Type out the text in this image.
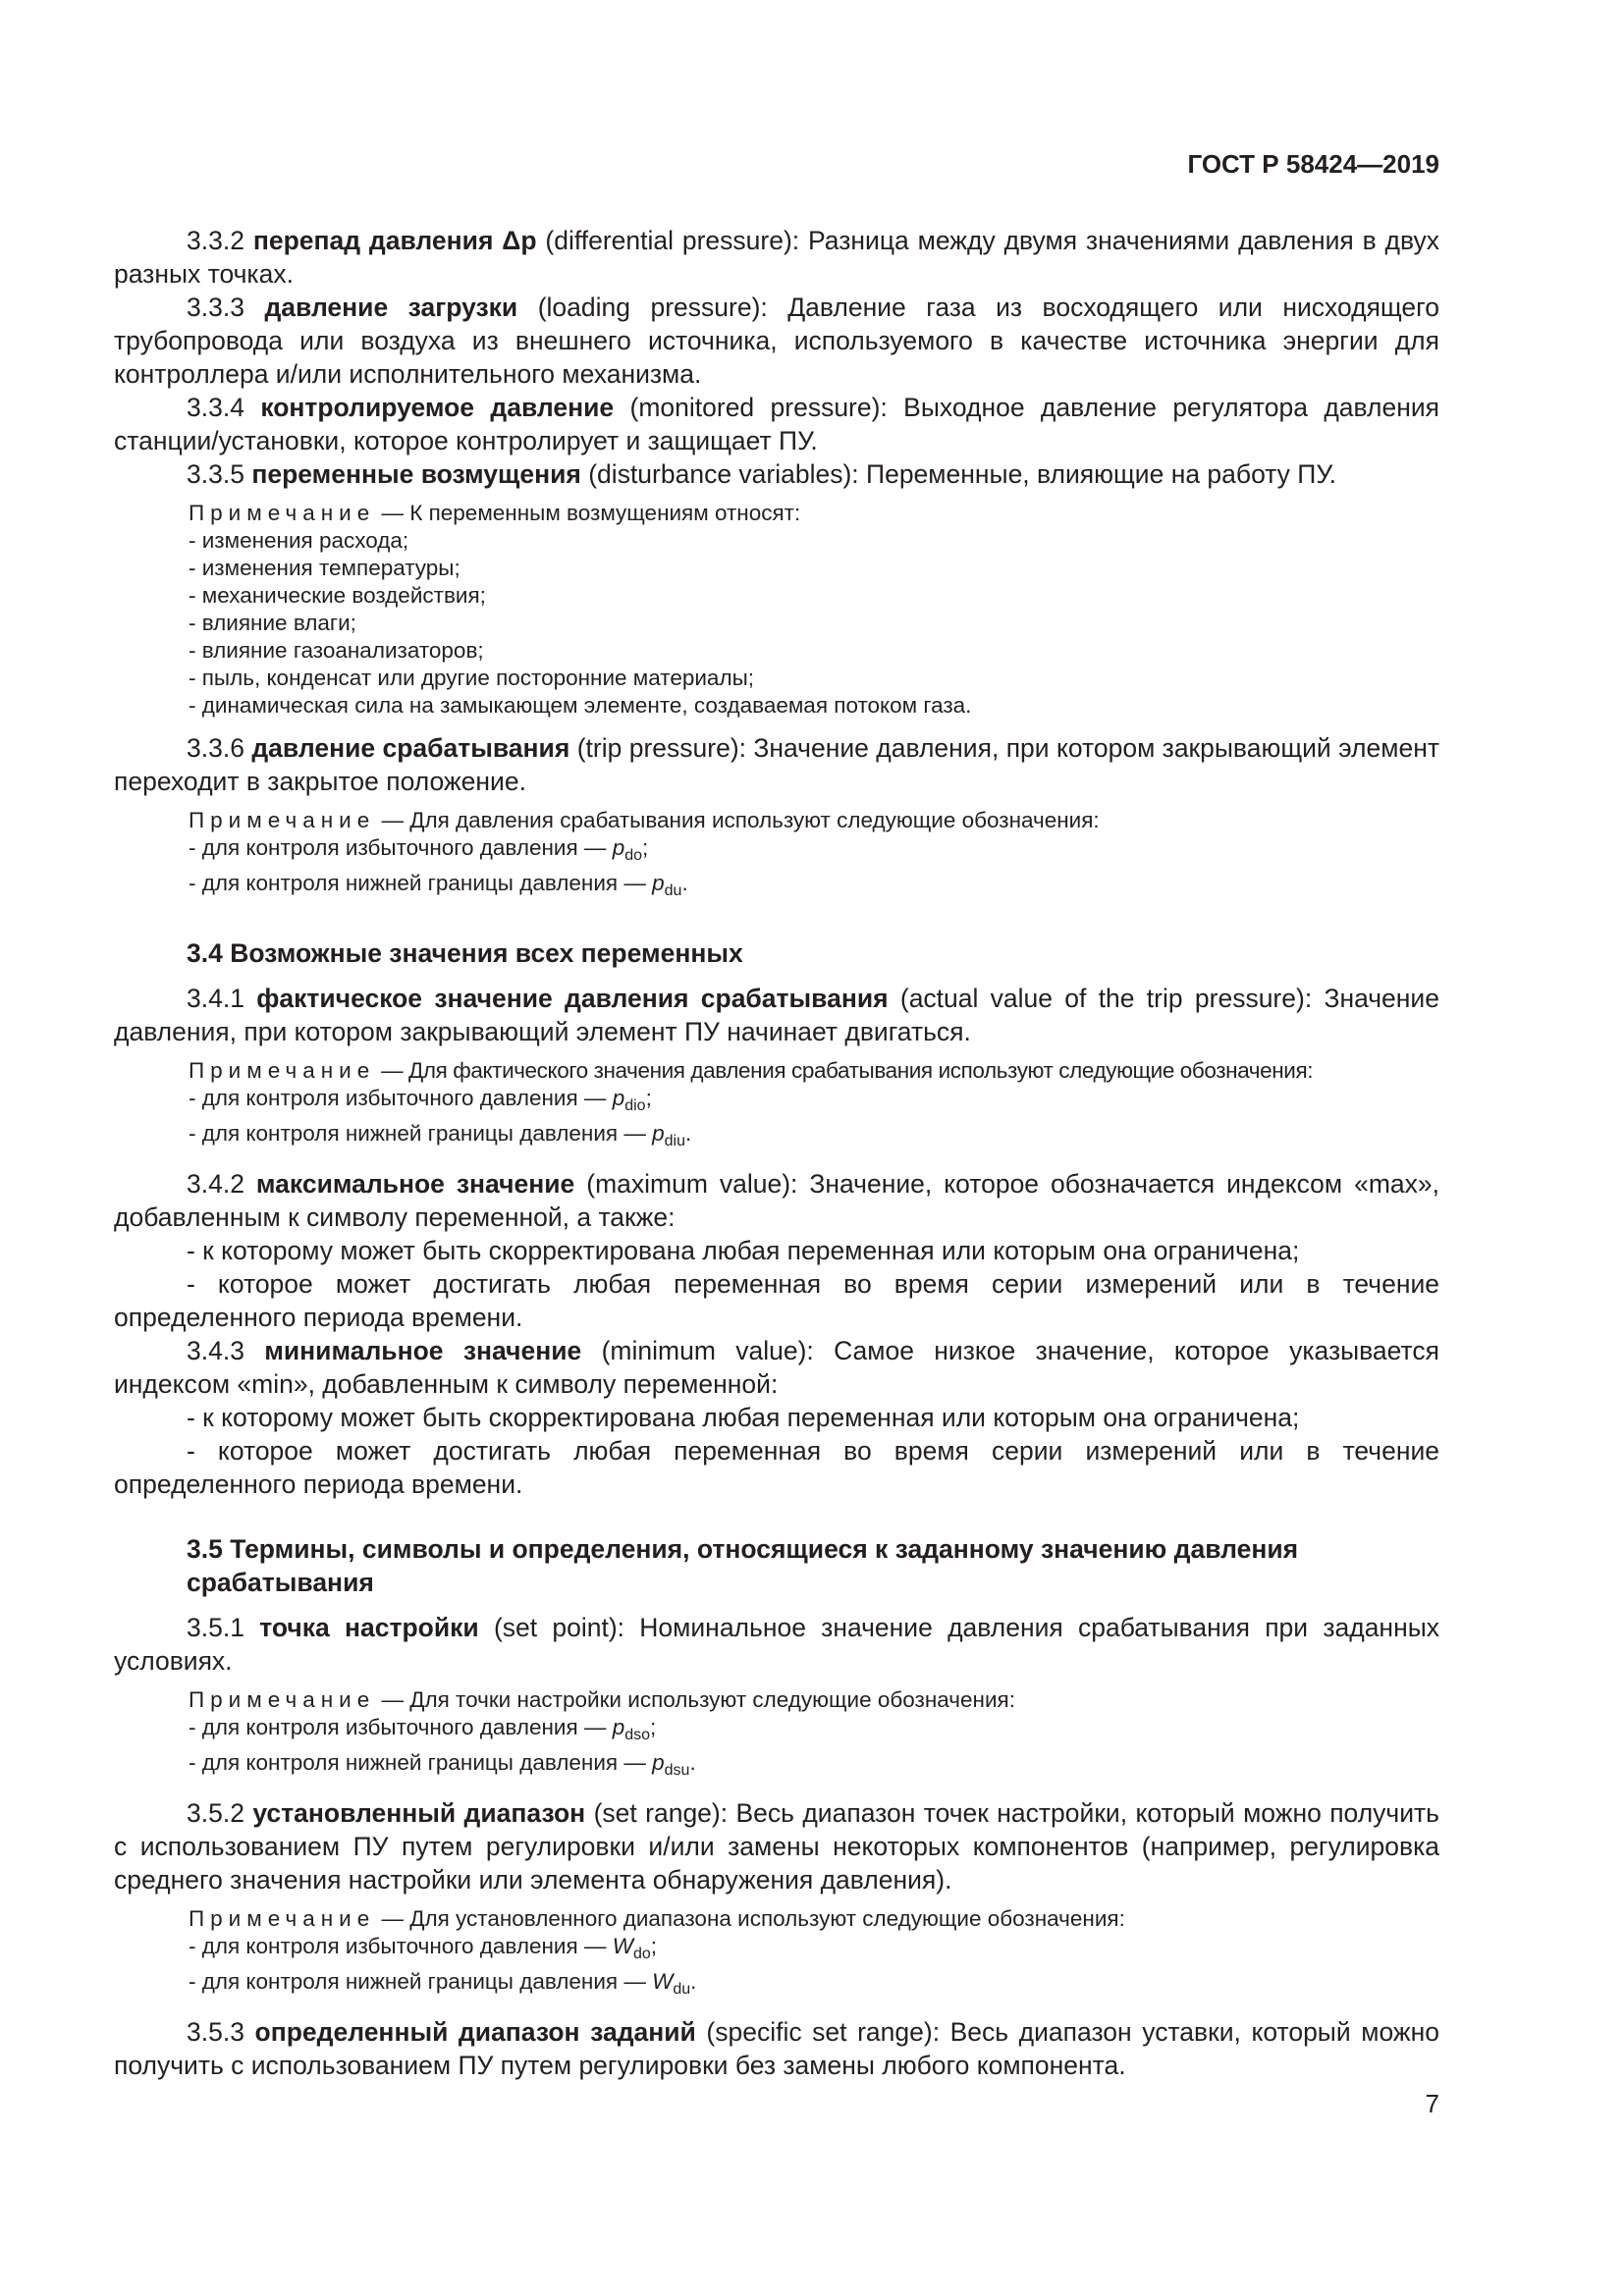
ГОСТ Р 58424—2019

3.3.2 перепад давления Δр (differential pressure): Разница между двумя значениями давления в двух разных точках.

3.3.3 давление загрузки (loading pressure): Давление газа из восходящего или нисходящего трубопровода или воздуха из внешнего источника, используемого в качестве источника энергии для контроллера и/или исполнительного механизма.

3.3.4 контролируемое давление (monitored pressure): Выходное давление регулятора давления станции/установки, которое контролирует и защищает ПУ.

3.3.5 переменные возмущения (disturbance variables): Переменные, влияющие на работу ПУ.

Примечание — К переменным возмущениям относят:

- изменения расхода;

- изменения температуры;

- механические воздействия;

- влияние влаги;

- влияние газоанализаторов;

- пыль, конденсат или другие посторонние материалы;

- динамическая сила на замыкающем элементе, создаваемая потоком газа.

3.3.6 давление срабатывания (trip pressure): Значение давления, при котором закрывающий элемент переходит в закрытое положение.

Примечание — Для давления срабатывания используют следующие обозначения:

- для контроля избыточного давления — $p_{do}$;

- для контроля нижней границы давления — $p_{du}$.

3.4 Возможные значения всех переменных

3.4.1 фактическое значение давления срабатывания (actual value of the trip pressure): Значение давления, при котором закрывающий элемент ПУ начинает двигаться.

Примечание — Для фактического значения давления срабатывания используют следующие обозначения:

- для контроля избыточного давления — $p_{dio}$;

- для контроля нижней границы давления — $p_{diu}$.

3.4.2 максимальное значение (maximum value): Значение, которое обозначается индексом «max», добавленным к символу переменной, а также:

- к которому может быть скорректирована любая переменная или которым она ограничена;

- которое может достигать любая переменная во время серии измерений или в течение определенного периода времени.

3.4.3 минимальное значение (minimum value): Самое низкое значение, которое указывается индексом «min», добавленным к символу переменной:

- к которому может быть скорректирована любая переменная или которым она ограничена;

- которое может достигать любая переменная во время серии измерений или в течение определенного периода времени.

3.5 Термины, символы и определения, относящиеся к заданному значению давления срабатывания

3.5.1 точка настройки (set point): Номинальное значение давления срабатывания при заданных условиях.

Примечание — Для точки настройки используют следующие обозначения:

- для контроля избыточного давления — $p_{dso}$;

- для контроля нижней границы давления — $p_{dsu}$.

3.5.2 установленный диапазон (set range): Весь диапазон точек настройки, который можно получить с использованием ПУ путем регулировки и/или замены некоторых компонентов (например, регулировка среднего значения настройки или элемента обнаружения давления).

Примечание — Для установленного диапазона используют следующие обозначения:

- для контроля избыточного давления — $W_{do}$;

- для контроля нижней границы давления — $W_{du}$.

3.5.3 определенный диапазон заданий (specific set range): Весь диапазон уставки, который можно получить с использованием ПУ путем регулировки без замены любого компонента.

7
